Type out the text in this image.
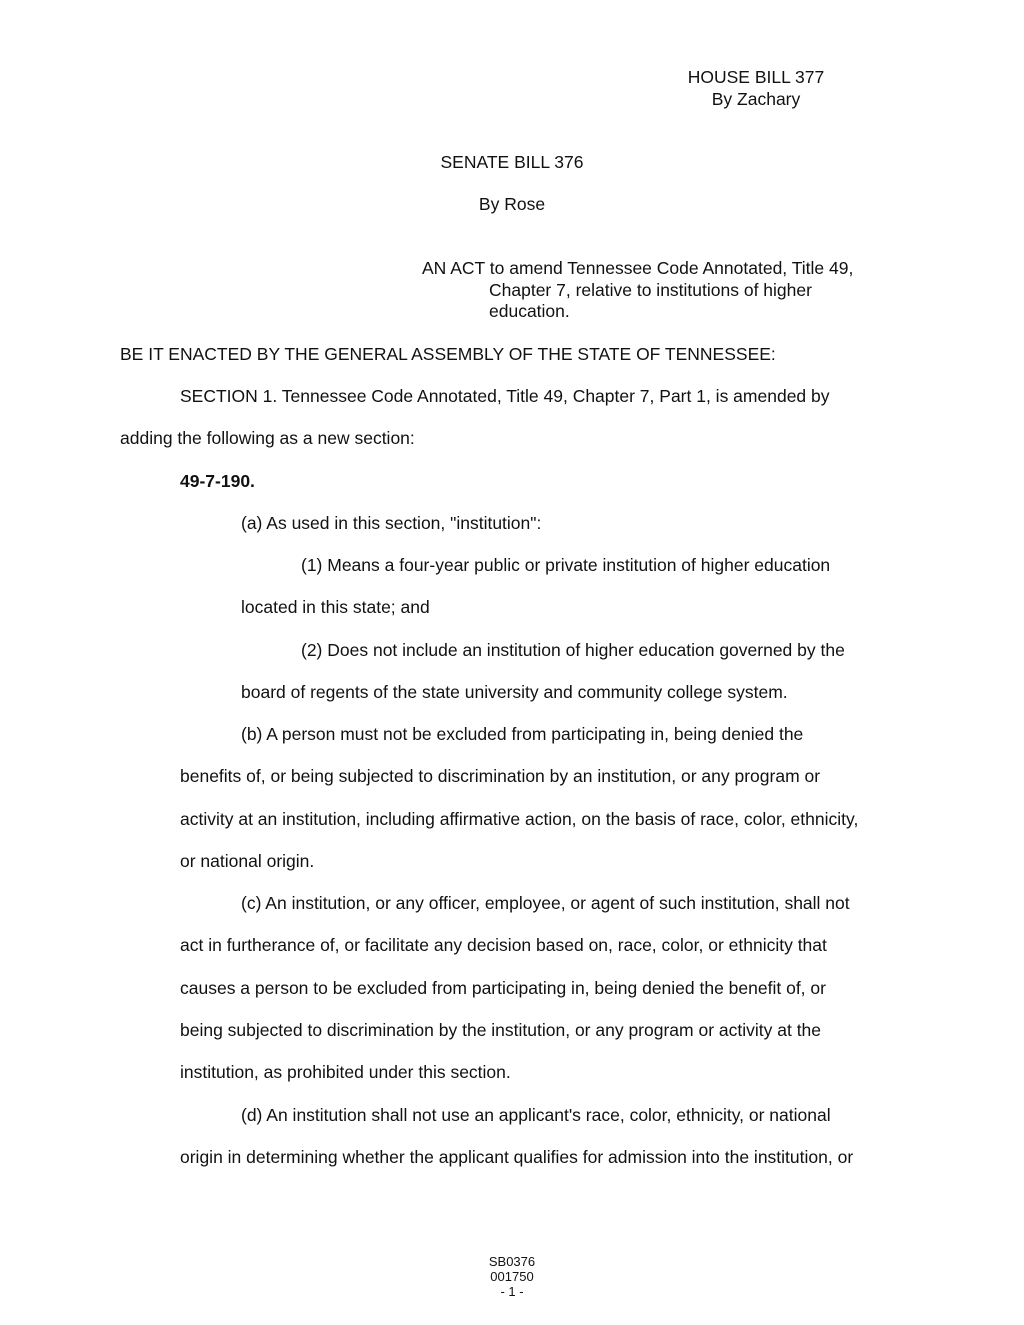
HOUSE BILL 377
By Zachary
SENATE BILL 376
By Rose
AN ACT to amend Tennessee Code Annotated, Title 49,
Chapter 7, relative to institutions of higher
education.
BE IT ENACTED BY THE GENERAL ASSEMBLY OF THE STATE OF TENNESSEE:
SECTION 1. Tennessee Code Annotated, Title 49, Chapter 7, Part 1, is amended by
adding the following as a new section:
49-7-190.
(a) As used in this section, "institution":
(1) Means a four-year public or private institution of higher education
located in this state; and
(2) Does not include an institution of higher education governed by the
board of regents of the state university and community college system.
(b) A person must not be excluded from participating in, being denied the
benefits of, or being subjected to discrimination by an institution, or any program or
activity at an institution, including affirmative action, on the basis of race, color, ethnicity,
or national origin.
(c) An institution, or any officer, employee, or agent of such institution, shall not
act in furtherance of, or facilitate any decision based on, race, color, or ethnicity that
causes a person to be excluded from participating in, being denied the benefit of, or
being subjected to discrimination by the institution, or any program or activity at the
institution, as prohibited under this section.
(d) An institution shall not use an applicant's race, color, ethnicity, or national
origin in determining whether the applicant qualifies for admission into the institution, or
SB0376
001750
- 1 -
